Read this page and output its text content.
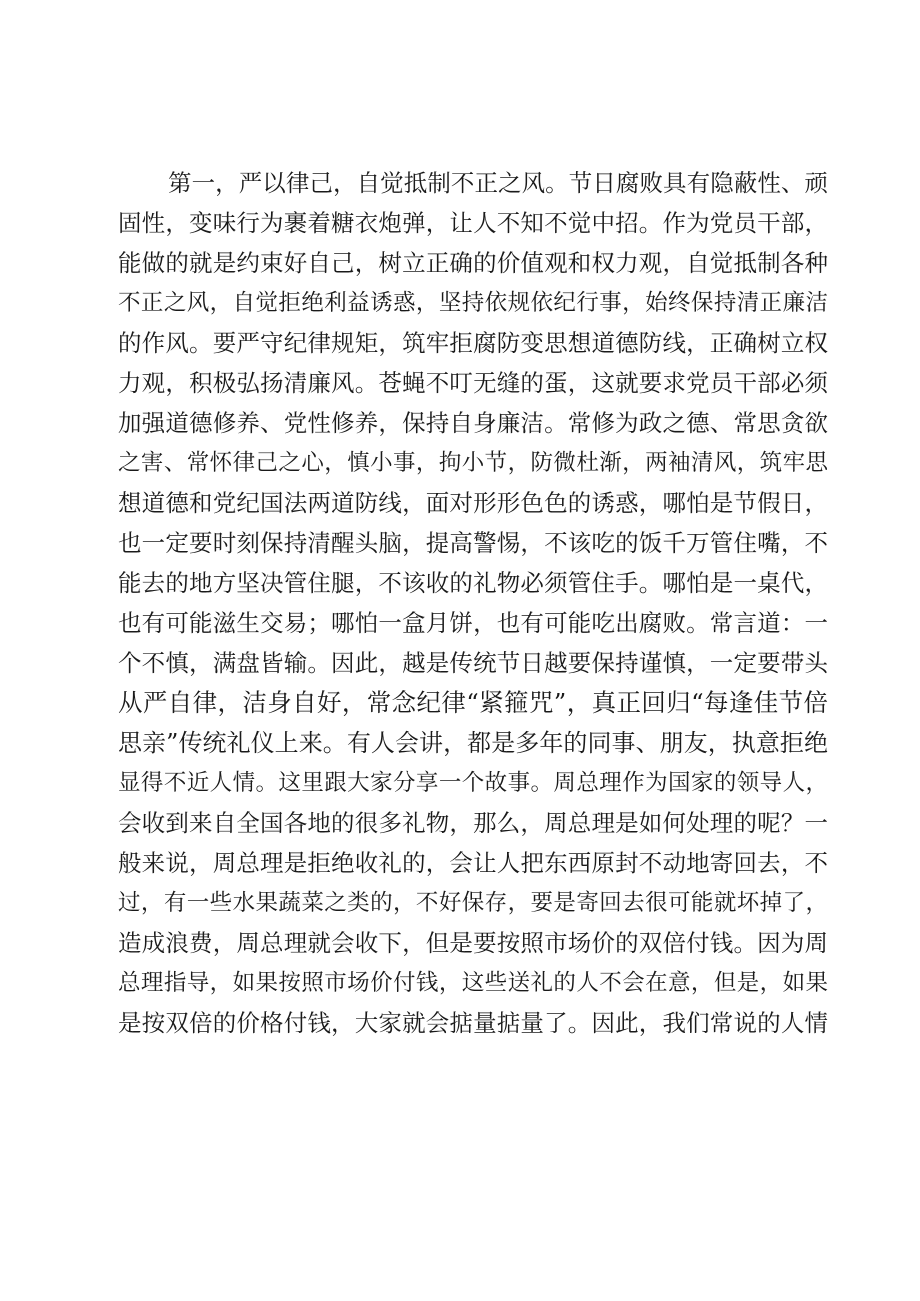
第一，严以律己，自觉抵制不正之风。节日腐败具有隐蔽性、顽
固性，变味行为裹着糖衣炮弹，让人不知不觉中招。作为党员干部，
能做的就是约束好自己，树立正确的价值观和权力观，自觉抵制各种
不正之风，自觉拒绝利益诱惑，坚持依规依纪行事，始终保持清正廉洁
的作风。要严守纪律规矩，筑牢拒腐防变思想道德防线，正确树立权
力观，积极弘扬清廉风。苍蝇不叮无缝的蛋，这就要求党员干部必须
加强道德修养、党性修养，保持自身廉洁。常修为政之德、常思贪欲
之害、常怀律己之心，慎小事，拘小节，防微杜渐，两袖清风，筑牢思
想道德和党纪国法两道防线，面对形形色色的诱惑，哪怕是节假日，
也一定要时刻保持清醒头脑，提高警惕，不该吃的饭千万管住嘴，不
能去的地方坚决管住腿，不该收的礼物必须管住手。哪怕是一桌代，
也有可能滋生交易；哪怕一盒月饼，也有可能吃出腐败。常言道：一
个不慎，满盘皆输。因此，越是传统节日越要保持谨慎，一定要带头
从严自律，洁身自好，常念纪律“紧箍咒”，真正回归“每逢佳节倍
思亲”传统礼仪上来。有人会讲，都是多年的同事、朋友，执意拒绝
显得不近人情。这里跟大家分享一个故事。周总理作为国家的领导人，
会收到来自全国各地的很多礼物，那么，周总理是如何处理的呢？一
般来说，周总理是拒绝收礼的，会让人把东西原封不动地寄回去，不
过，有一些水果蔬菜之类的，不好保存，要是寄回去很可能就坏掉了，
造成浪费，周总理就会收下，但是要按照市场价的双倍付钱。因为周
总理指导，如果按照市场价付钱，这些送礼的人不会在意，但是，如果
是按双倍的价格付钱，大家就会掂量掂量了。因此，我们常说的人情
